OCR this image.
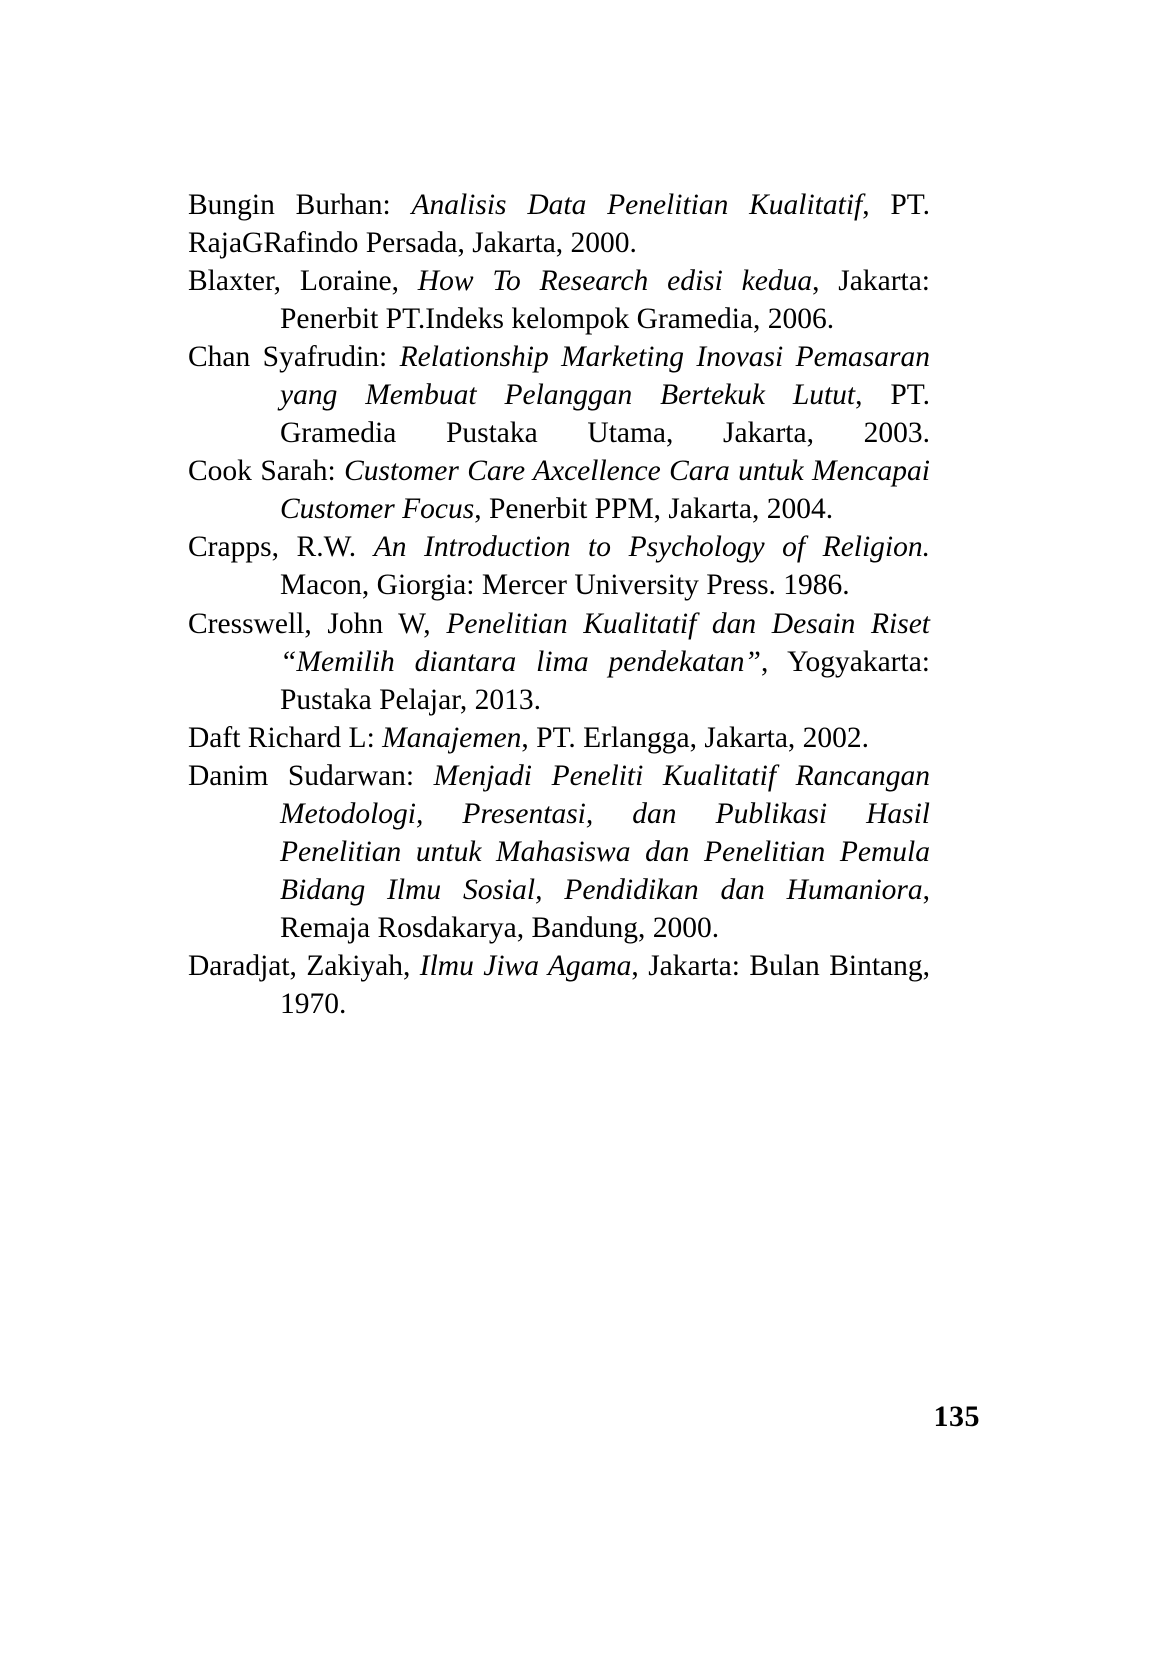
Bungin Burhan: Analisis Data Penelitian Kualitatif, PT. RajaGRafindo Persada, Jakarta, 2000.

Blaxter, Loraine, How To Research edisi kedua, Jakarta: Penerbit PT.Indeks kelompok Gramedia, 2006.

Chan Syafrudin: Relationship Marketing Inovasi Pemasaran yang Membuat Pelanggan Bertekuk Lutut, PT. Gramedia Pustaka Utama, Jakarta, 2003.

Cook Sarah: Customer Care Axcellence Cara untuk Mencapai Customer Focus, Penerbit PPM, Jakarta, 2004.

Crapps, R.W. An Introduction to Psychology of Religion. Macon, Giorgia: Mercer University Press. 1986.

Cresswell, John W, Penelitian Kualitatif dan Desain Riset “Memilih diantara lima pendekatan”, Yogyakarta: Pustaka Pelajar, 2013.

Daft Richard L: Manajemen, PT. Erlangga, Jakarta, 2002.

Danim Sudarwan: Menjadi Peneliti Kualitatif Rancangan Metodologi, Presentasi, dan Publikasi Hasil Penelitian untuk Mahasiswa dan Penelitian Pemula Bidang Ilmu Sosial, Pendidikan dan Humaniora, Remaja Rosdakarya, Bandung, 2000.

Daradjat, Zakiyah, Ilmu Jiwa Agama, Jakarta: Bulan Bintang, 1970.

135
